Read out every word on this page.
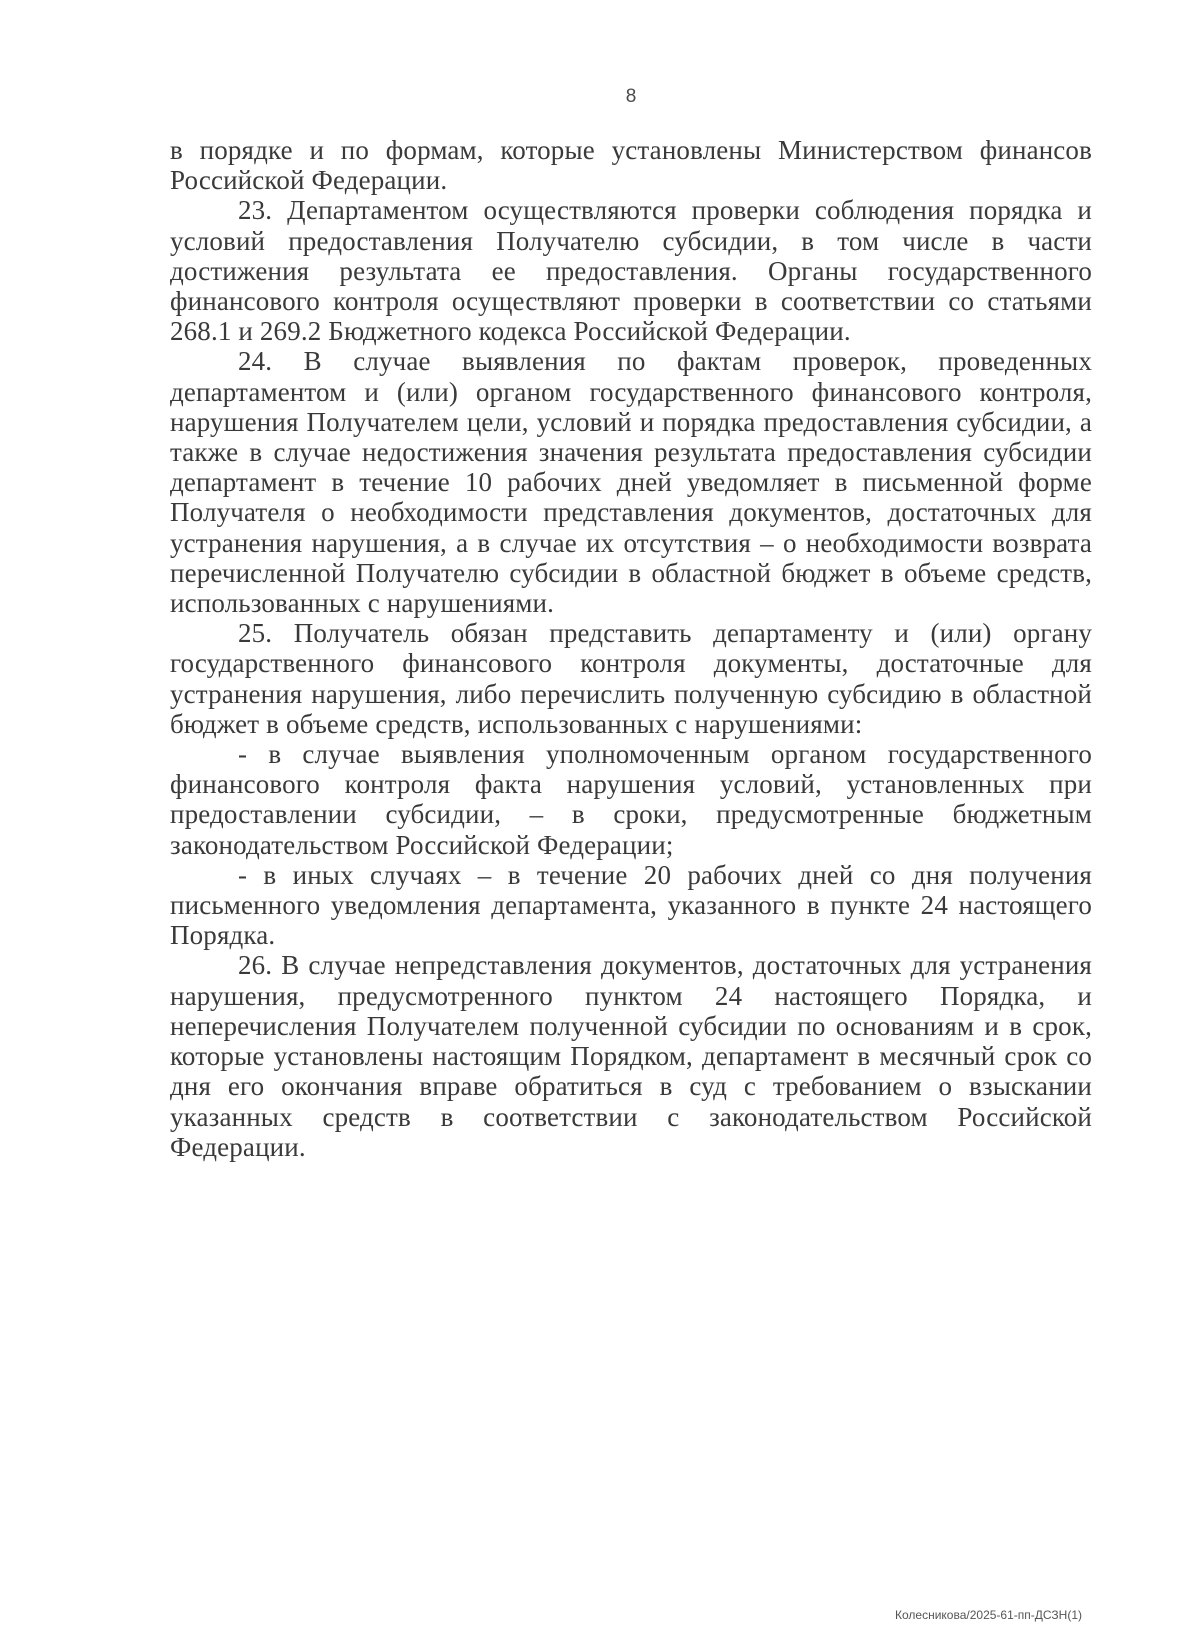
8

в порядке и по формам, которые установлены Министерством финансов Российской Федерации.

23. Департаментом осуществляются проверки соблюдения порядка и условий предоставления Получателю субсидии, в том числе в части достижения результата ее предоставления. Органы государственного финансового контроля осуществляют проверки в соответствии со статьями 268.1 и 269.2 Бюджетного кодекса Российской Федерации.

24. В случае выявления по фактам проверок, проведенных департаментом и (или) органом государственного финансового контроля, нарушения Получателем цели, условий и порядка предоставления субсидии, а также в случае недостижения значения результата предоставления субсидии департамент в течение 10 рабочих дней уведомляет в письменной форме Получателя о необходимости представления документов, достаточных для устранения нарушения, а в случае их отсутствия – о необходимости возврата перечисленной Получателю субсидии в областной бюджет в объеме средств, использованных с нарушениями.

25. Получатель обязан представить департаменту и (или) органу государственного финансового контроля документы, достаточные для устранения нарушения, либо перечислить полученную субсидию в областной бюджет в объеме средств, использованных с нарушениями:

- в случае выявления уполномоченным органом государственного финансового контроля факта нарушения условий, установленных при предоставлении субсидии, – в сроки, предусмотренные бюджетным законодательством Российской Федерации;

- в иных случаях – в течение 20 рабочих дней со дня получения письменного уведомления департамента, указанного в пункте 24 настоящего Порядка.

26. В случае непредставления документов, достаточных для устранения нарушения, предусмотренного пунктом 24 настоящего Порядка, и неперечисления Получателем полученной субсидии по основаниям и в срок, которые установлены настоящим Порядком, департамент в месячный срок со дня его окончания вправе обратиться в суд с требованием о взыскании указанных средств в соответствии с законодательством Российской Федерации.

Колесникова/2025-61-пп-ДСЗН(1)
